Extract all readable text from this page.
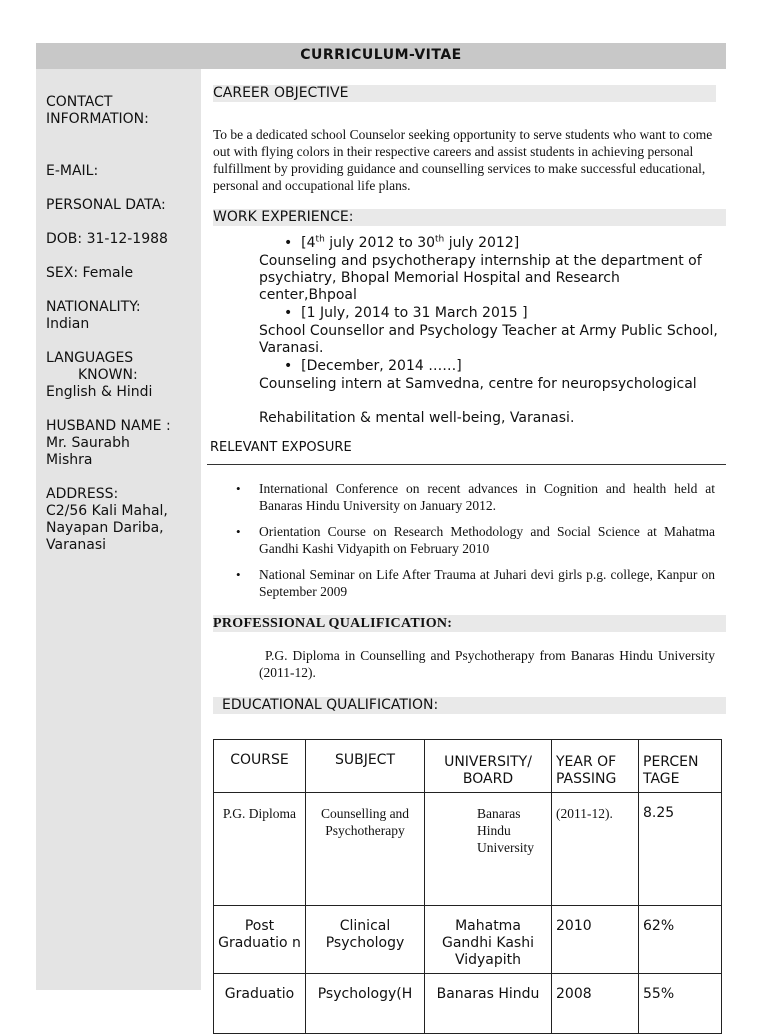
CURRICULUM-VITAE
CONTACT INFORMATION:
E-MAIL:
PERSONAL DATA:
DOB: 31-12-1988
SEX: Female
NATIONALITY:
Indian
LANGUAGES
KNOWN:
English & Hindi
HUSBAND NAME :
Mr. Saurabh
Mishra
ADDRESS:
C2/56 Kali Mahal,
Nayapan Dariba,
Varanasi
CAREER OBJECTIVE
To be a dedicated school Counselor seeking opportunity to serve students who want to come out with flying colors in their respective careers and assist students in achieving personal fulfillment by providing guidance and counselling services to make successful educational, personal and occupational life plans.
WORK EXPERIENCE:
•  [4th july 2012 to 30th july 2012]
Counseling and psychotherapy internship at the department of psychiatry, Bhopal Memorial Hospital and Research center,Bhpoal
•  [1 July, 2014 to 31 March 2015 ]
School Counsellor and Psychology Teacher at Army Public School, Varanasi.
•  [December, 2014 ……]
Counseling intern at Samvedna, centre for neuropsychological
Rehabilitation & mental well-being, Varanasi.
RELEVANT EXPOSURE
• International Conference on recent advances in Cognition and health held at Banaras Hindu University on January 2012.
• Orientation Course on Research Methodology and Social Science at Mahatma Gandhi Kashi Vidyapith on February 2010
• National Seminar on Life After Trauma at Juhari devi girls p.g. college, Kanpur on September 2009
PROFESSIONAL QUALIFICATION:
P.G. Diploma in Counselling and Psychotherapy from Banaras Hindu University (2011-12).
EDUCATIONAL QUALIFICATION:
COURSE	SUBJECT	UNIVERSITY/ BOARD	YEAR OF PASSING	PERCEN TAGE
P.G. Diploma	Counselling and Psychotherapy	Banaras Hindu University	(2011-12).	8.25
Post Graduatio n	Clinical Psychology	Mahatma Gandhi Kashi Vidyapith	2010	62%
Graduatio	Psychology(H	Banaras Hindu	2008	55%
